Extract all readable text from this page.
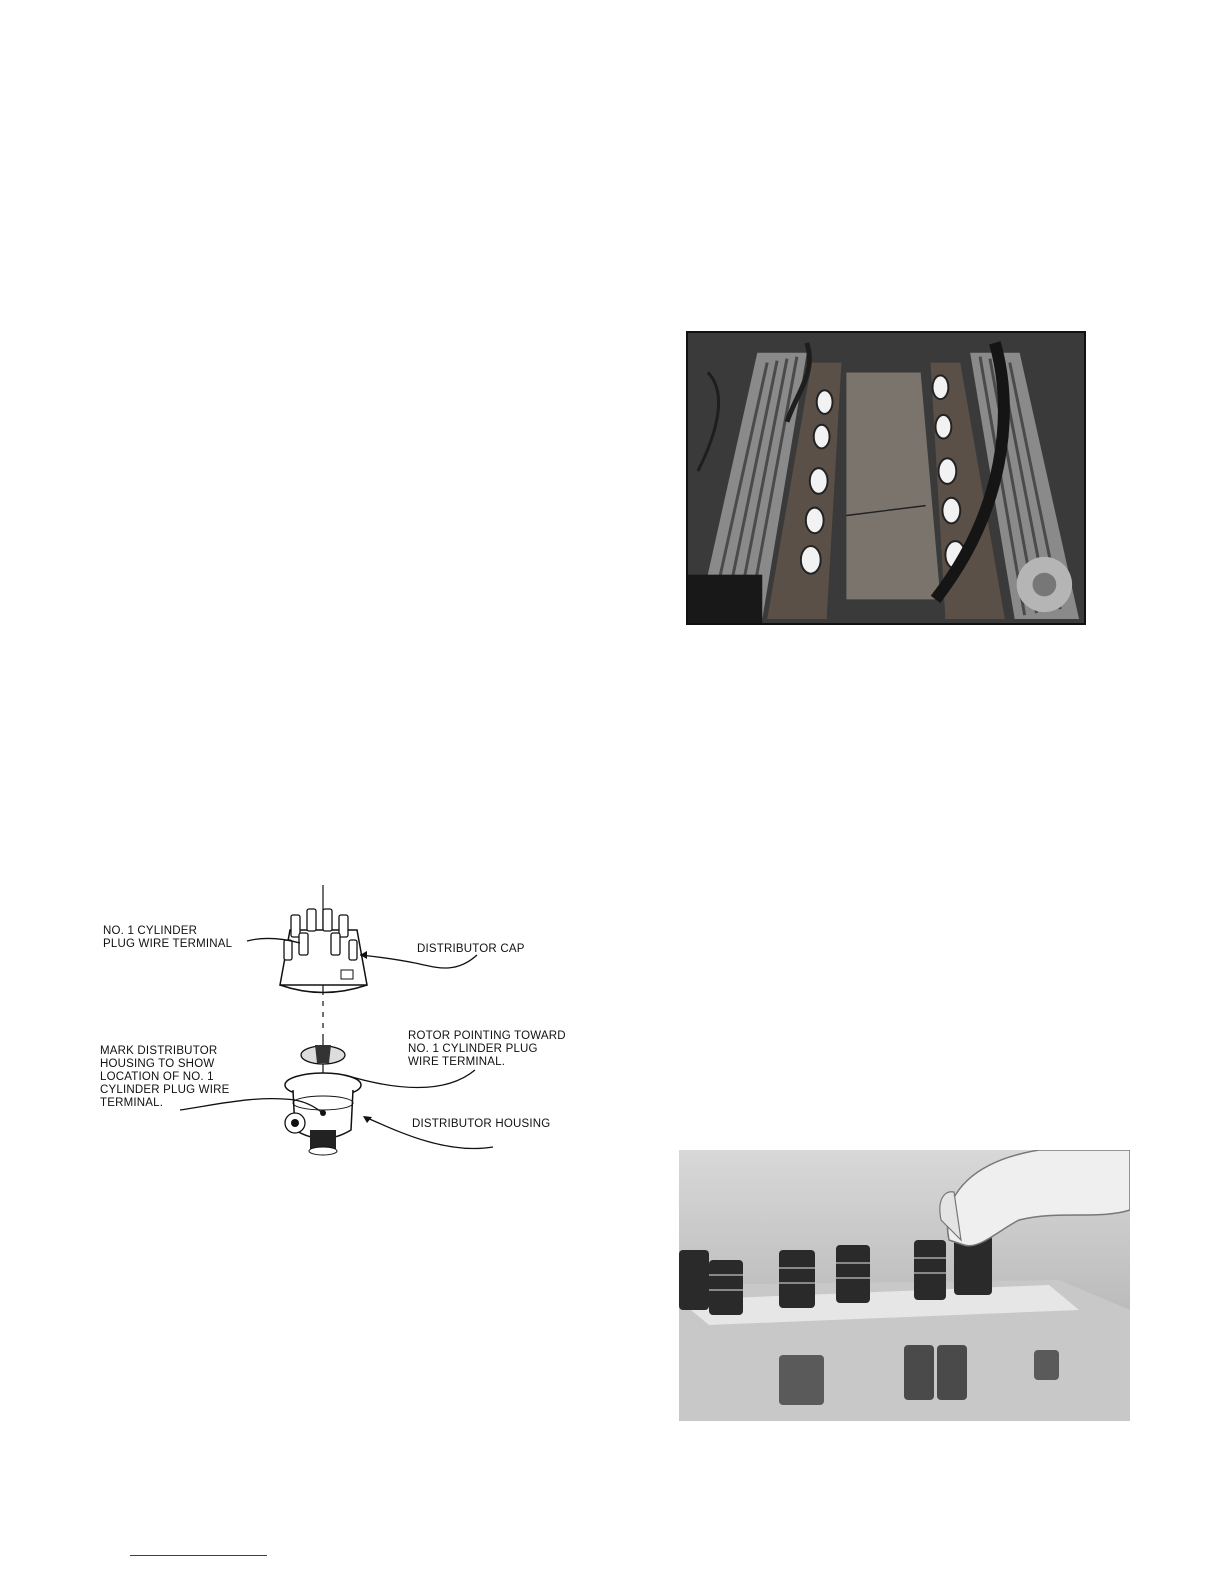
NO. 1 CYLINDER
PLUG WIRE TERMINAL	DISTRIBUTOR CAP
MARK DISTRIBUTOR
HOUSING TO SHOW
LOCATION OF NO. 1
CYLINDER PLUG WIRE
TERMINAL.
ROTOR POINTING TOWARD
NO. 1 CYLINDER PLUG
WIRE TERMINAL.
DISTRIBUTOR HOUSING
